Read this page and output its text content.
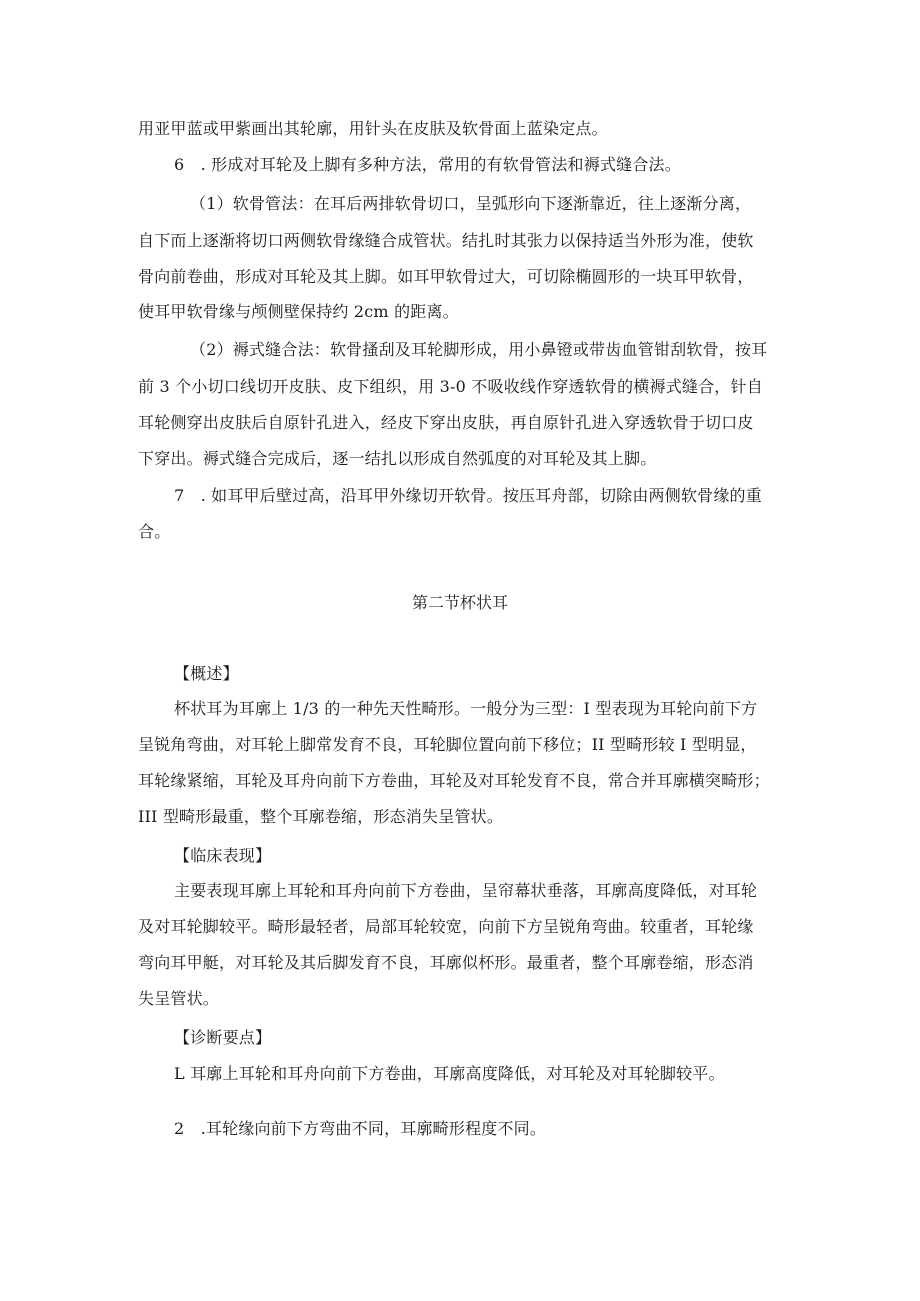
用亚甲蓝或甲紫画出其轮廓，用针头在皮肤及软骨面上蓝染定点。
6　. 形成对耳轮及上脚有多种方法，常用的有软骨管法和褥式缝合法。
（1）软骨管法：在耳后两排软骨切口，呈弧形向下逐渐靠近，往上逐渐分离，
自下而上逐渐将切口两侧软骨缘缝合成管状。结扎时其张力以保持适当外形为准，使软
骨向前卷曲，形成对耳轮及其上脚。如耳甲软骨过大，可切除椭圆形的一块耳甲软骨，
使耳甲软骨缘与颅侧壁保持约 2cm 的距离。
（2）褥式缝合法：软骨搔刮及耳轮脚形成，用小鼻镫或带齿血管钳刮软骨，按耳
前 3 个小切口线切开皮肤、皮下组织，用 3-0 不吸收线作穿透软骨的横褥式缝合，针自
耳轮侧穿出皮肤后自原针孔进入，经皮下穿出皮肤，再自原针孔进入穿透软骨于切口皮
下穿出。褥式缝合完成后，逐一结扎以形成自然弧度的对耳轮及其上脚。
7　. 如耳甲后壁过高，沿耳甲外缘切开软骨。按压耳舟部，切除由两侧软骨缘的重
合。
第二节杯状耳
【概述】
杯状耳为耳廓上 1/3 的一种先天性畸形。一般分为三型：I 型表现为耳轮向前下方
呈锐角弯曲，对耳轮上脚常发育不良，耳轮脚位置向前下移位；II 型畸形较 I 型明显，
耳轮缘紧缩，耳轮及耳舟向前下方卷曲，耳轮及对耳轮发育不良，常合并耳廓横突畸形；
III 型畸形最重，整个耳廓卷缩，形态消失呈管状。
【临床表现】
主要表现耳廓上耳轮和耳舟向前下方卷曲，呈帘幕状垂落，耳廓高度降低，对耳轮
及对耳轮脚较平。畸形最轻者，局部耳轮较宽，向前下方呈锐角弯曲。较重者，耳轮缘
弯向耳甲艇，对耳轮及其后脚发育不良，耳廓似杯形。最重者，整个耳廓卷缩，形态消
失呈管状。
【诊断要点】
L 耳廓上耳轮和耳舟向前下方卷曲，耳廓高度降低，对耳轮及对耳轮脚较平。
2　.耳轮缘向前下方弯曲不同，耳廓畸形程度不同。
